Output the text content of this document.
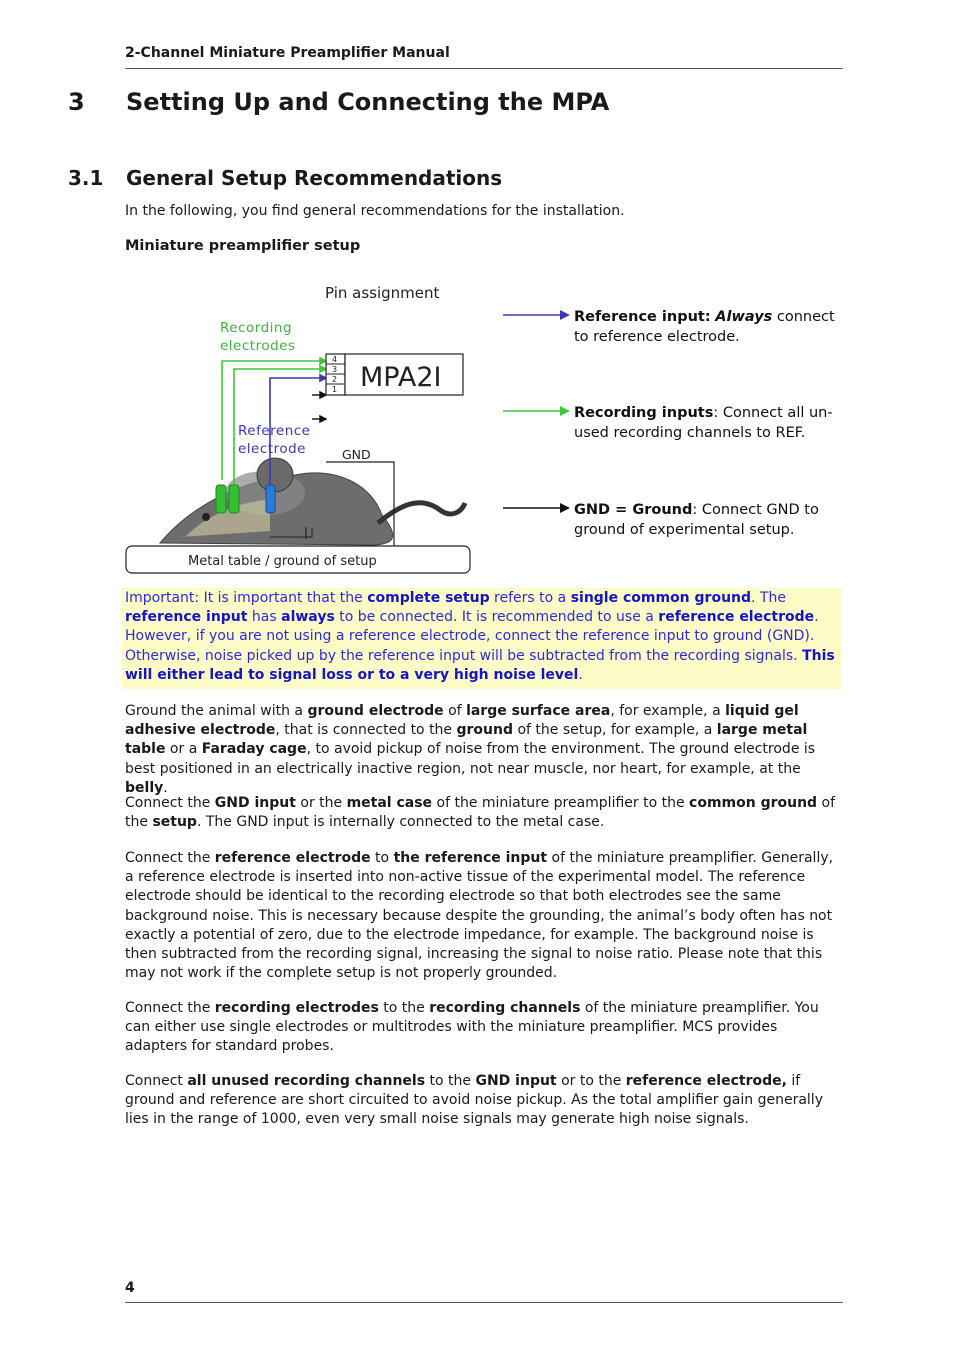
2-Channel Miniature Preamplifier Manual
3 Setting Up and Connecting the MPA
3.1 General Setup Recommendations
In the following, you find general recommendations for the installation.
Miniature preamplifier setup
Pin assignment
Recording
electrodes
Reference
electrode
4
3
2
1 MPA2I
GND
Metal table / ground of setup
Reference input: Always connect
to reference electrode.
Recording inputs: Connect all un-
used recording channels to REF.
GND = Ground: Connect GND to
ground of experimental setup.
Important: It is important that the complete setup refers to a single common ground. The reference input has always to be connected. It is recommended to use a reference electrode. However, if you are not using a reference electrode, connect the reference input to ground (GND). Otherwise, noise picked up by the reference input will be subtracted from the recording signals. This will either lead to signal loss or to a very high noise level.
Ground the animal with a ground electrode of large surface area, for example, a liquid gel adhesive electrode, that is connected to the ground of the setup, for example, a large metal table or a Faraday cage, to avoid pickup of noise from the environment. The ground electrode is best positioned in an electrically inactive region, not near muscle, nor heart, for example, at the belly.
Connect the GND input or the metal case of the miniature preamplifier to the common ground of the setup. The GND input is internally connected to the metal case.
Connect the reference electrode to the reference input of the miniature preamplifier. Generally, a reference electrode is inserted into non-active tissue of the experimental model. The reference electrode should be identical to the recording electrode so that both electrodes see the same background noise. This is necessary because despite the grounding, the animal’s body often has not exactly a potential of zero, due to the electrode impedance, for example. The background noise is then subtracted from the recording signal, increasing the signal to noise ratio. Please note that this may not work if the complete setup is not properly grounded.
Connect the recording electrodes to the recording channels of the miniature preamplifier. You can either use single electrodes or multitrodes with the miniature preamplifier. MCS provides adapters for standard probes.
Connect all unused recording channels to the GND input or to the reference electrode, if ground and reference are short circuited to avoid noise pickup. As the total amplifier gain generally lies in the range of 1000, even very small noise signals may generate high noise signals.
4
